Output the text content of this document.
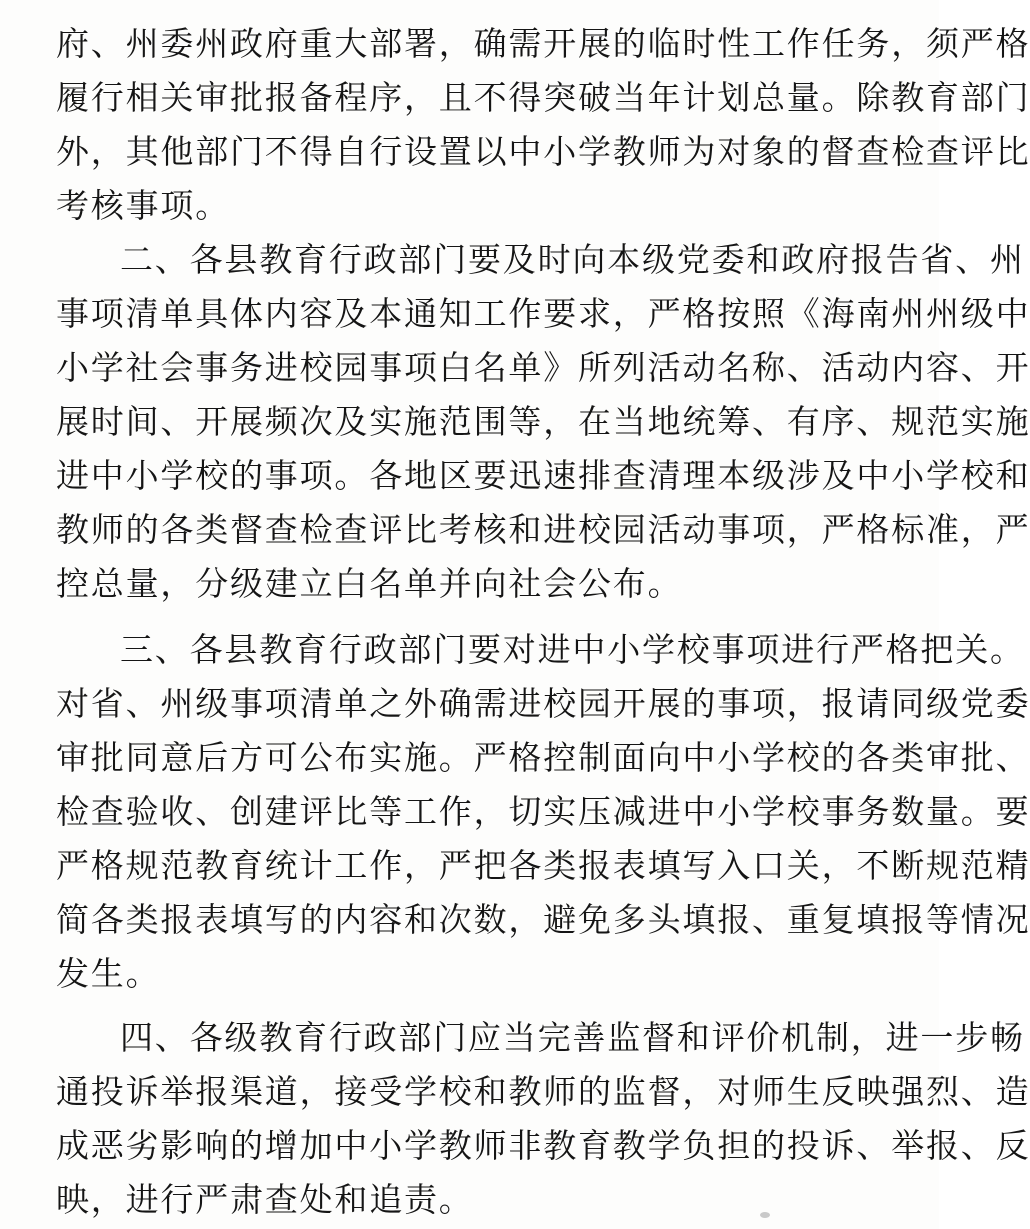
府、州委州政府重大部署，确需开展的临时性工作任务，须严格
履行相关审批报备程序，且不得突破当年计划总量。除教育部门
外，其他部门不得自行设置以中小学教师为对象的督查检查评比
考核事项。
二、各县教育行政部门要及时向本级党委和政府报告省、州
事项清单具体内容及本通知工作要求，严格按照《海南州州级中
小学社会事务进校园事项白名单》所列活动名称、活动内容、开
展时间、开展频次及实施范围等，在当地统筹、有序、规范实施
进中小学校的事项。各地区要迅速排查清理本级涉及中小学校和
教师的各类督查检查评比考核和进校园活动事项，严格标准，严
控总量，分级建立白名单并向社会公布。
三、各县教育行政部门要对进中小学校事项进行严格把关。
对省、州级事项清单之外确需进校园开展的事项，报请同级党委
审批同意后方可公布实施。严格控制面向中小学校的各类审批、
检查验收、创建评比等工作，切实压减进中小学校事务数量。要
严格规范教育统计工作，严把各类报表填写入口关，不断规范精
简各类报表填写的内容和次数，避免多头填报、重复填报等情况
发生。
四、各级教育行政部门应当完善监督和评价机制，进一步畅
通投诉举报渠道，接受学校和教师的监督，对师生反映强烈、造
成恶劣影响的增加中小学教师非教育教学负担的投诉、举报、反
映，进行严肃查处和追责。
